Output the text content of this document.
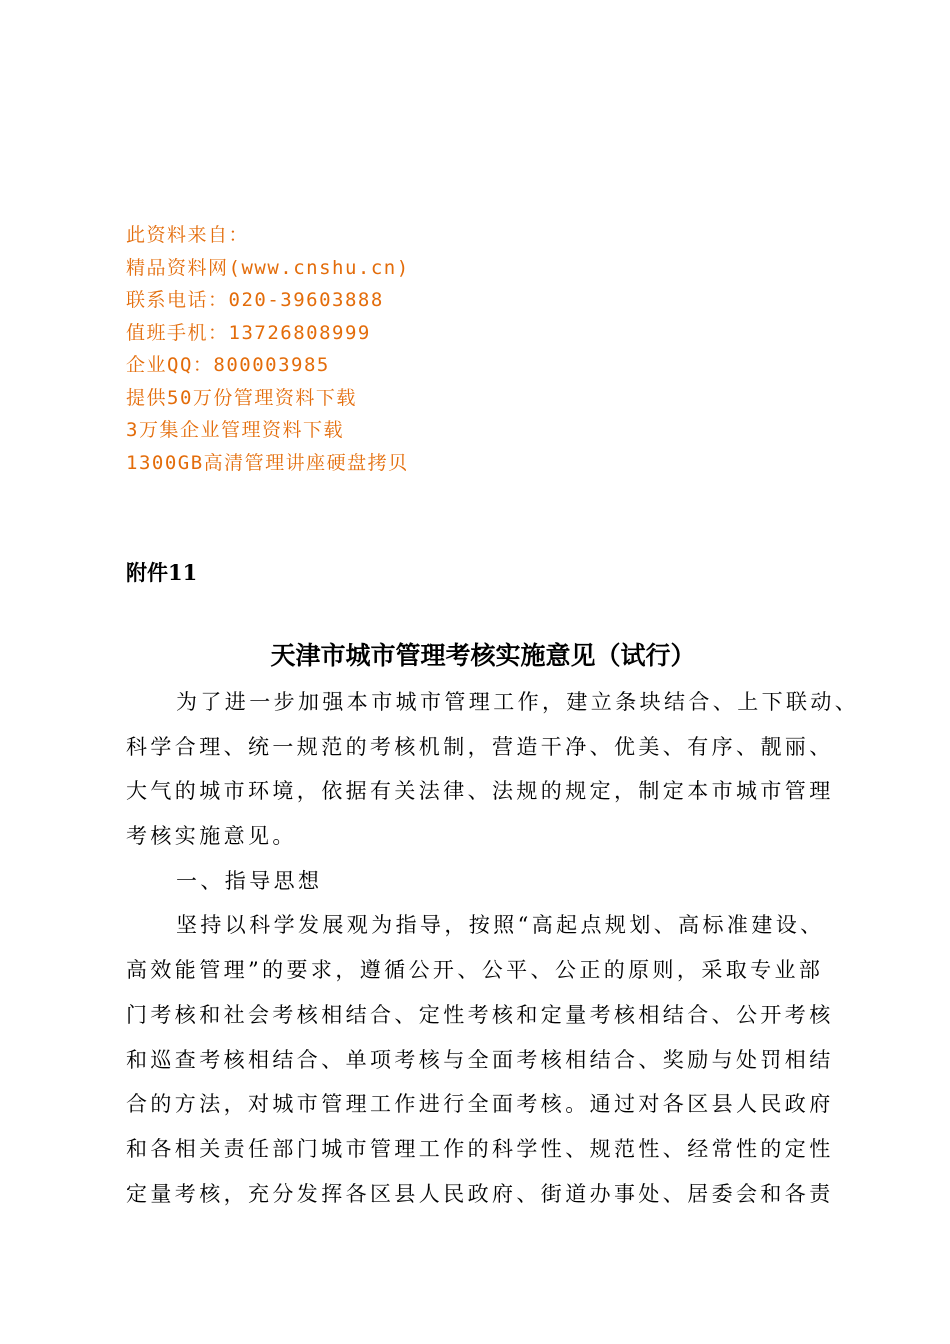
此资料来自：
精品资料网(www.cnshu.cn)
联系电话：020-39603888
值班手机：13726808999
企业QQ：800003985
提供50万份管理资料下载
3万集企业管理资料下载
1300GB高清管理讲座硬盘拷贝
附件11
天津市城市管理考核实施意见（试行）
为了进一步加强本市城市管理工作，建立条块结合、上下联动、
科学合理、统一规范的考核机制，营造干净、优美、有序、靓丽、
大气的城市环境，依据有关法律、法规的规定，制定本市城市管理
考核实施意见。
一、指导思想
坚持以科学发展观为指导，按照“高起点规划、高标准建设、
高效能管理”的要求，遵循公开、公平、公正的原则，采取专业部
门考核和社会考核相结合、定性考核和定量考核相结合、公开考核
和巡查考核相结合、单项考核与全面考核相结合、奖励与处罚相结
合的方法，对城市管理工作进行全面考核。通过对各区县人民政府
和各相关责任部门城市管理工作的科学性、规范性、经常性的定性
定量考核，充分发挥各区县人民政府、街道办事处、居委会和各责
